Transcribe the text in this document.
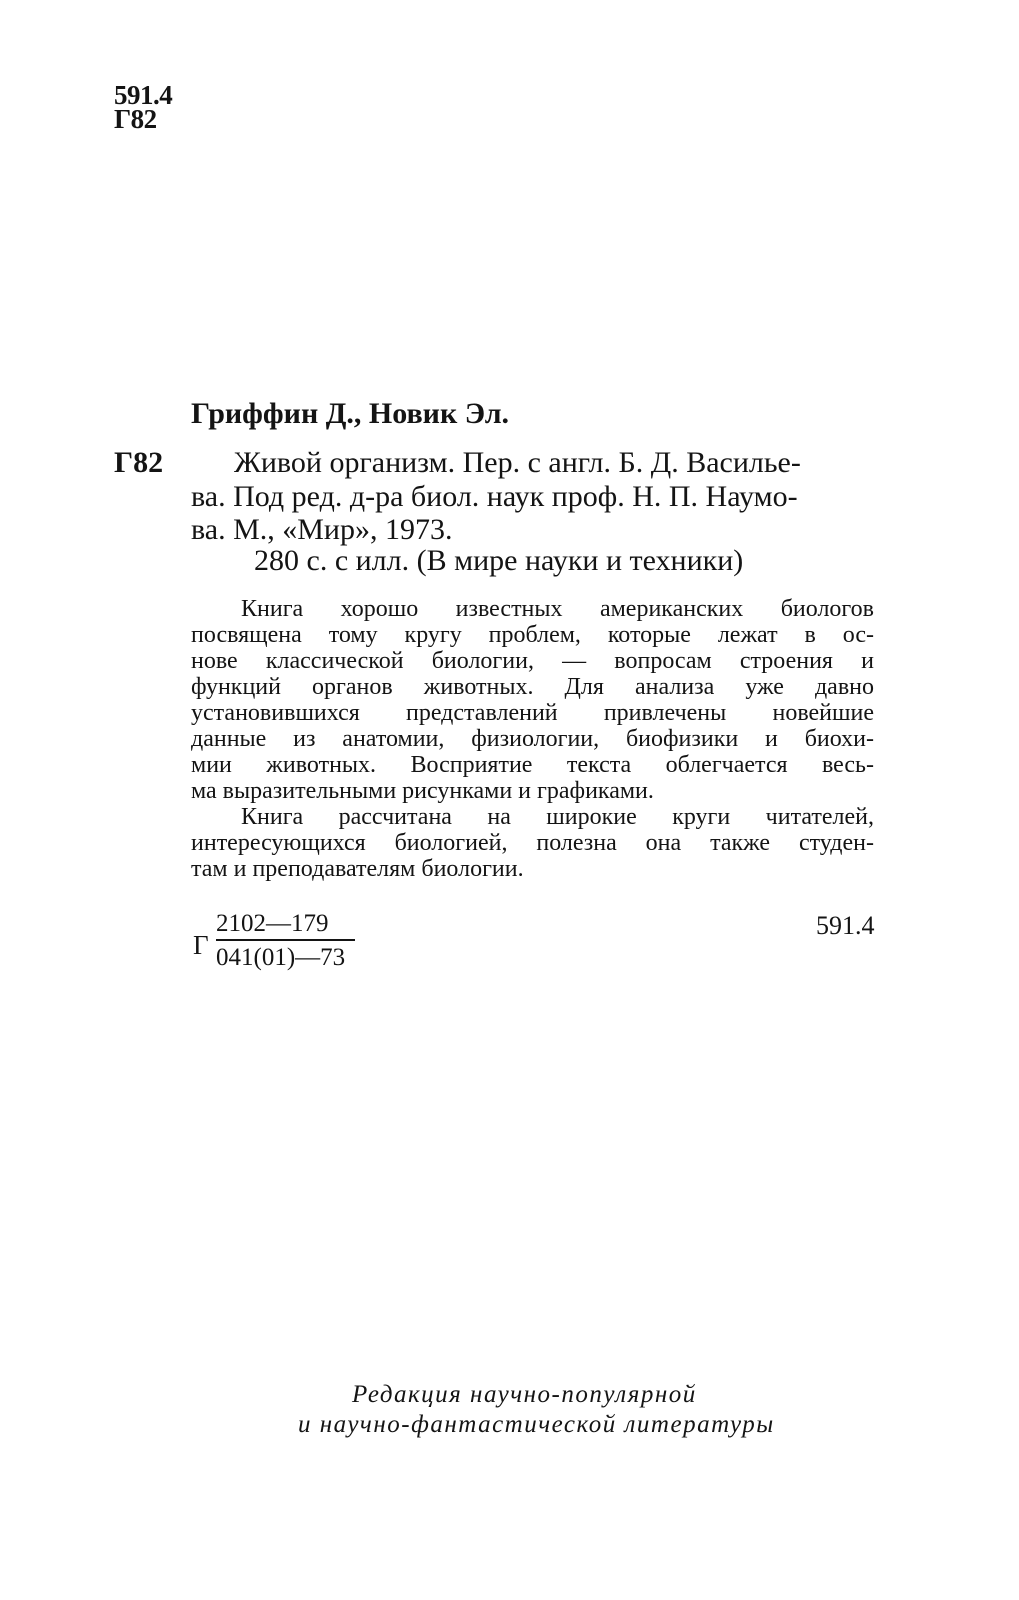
591.4
Г82
Гриффин Д., Новик Эл.
Г82 Живой организм. Пер. с англ. Б. Д. Василье-
ва. Под ред. д-ра биол. наук проф. Н. П. Наумо-
ва. М., «Мир», 1973.
280 с. с илл. (В мире науки и техники)
Книга хорошо известных американских биологов
посвящена тому кругу проблем, которые лежат в ос-
нове классической биологии, — вопросам строения и
функций органов животных. Для анализа уже давно
установившихся представлений привлечены новейшие
данные из анатомии, физиологии, биофизики и биохи-
мии животных. Восприятие текста облегчается весь-
ма выразительными рисунками и графиками.
Книга рассчитана на широкие круги читателей,
интересующихся биологией, полезна она также студен-
там и преподавателям биологии.
Г
2102—179
041(01)—73
591.4
Редакция научно-популярной
и научно-фантастической литературы
